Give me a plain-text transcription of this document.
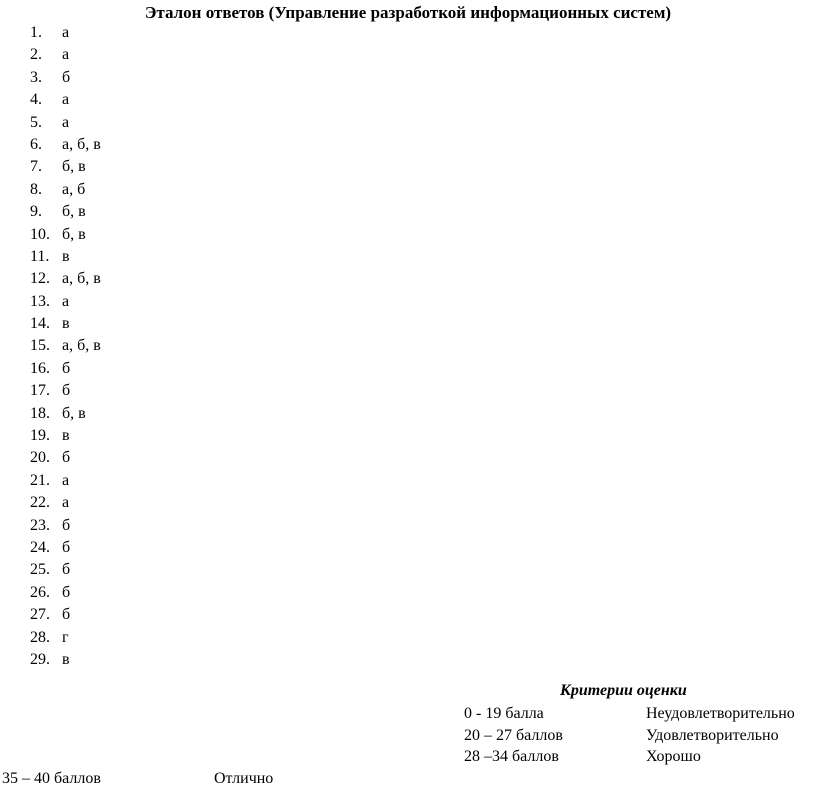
Эталон ответов (Управление разработкой информационных систем)
1. а
2. а
3. б
4. а
5. а
6. а, б, в
7. б, в
8. а, б
9. б, в
10. б, в
11. в
12. а, б, в
13. а
14. в
15. а, б, в
16. б
17. б
18. б, в
19. в
20. б
21. а
22. а
23. б
24. б
25. б
26. б
27. б
28. г
29. в
Критерии оценки
0 - 19 балла	Неудовлетворительно
20 – 27 баллов	Удовлетворительно
28 –34 баллов	Хорошо
35 – 40 баллов	Отлично
